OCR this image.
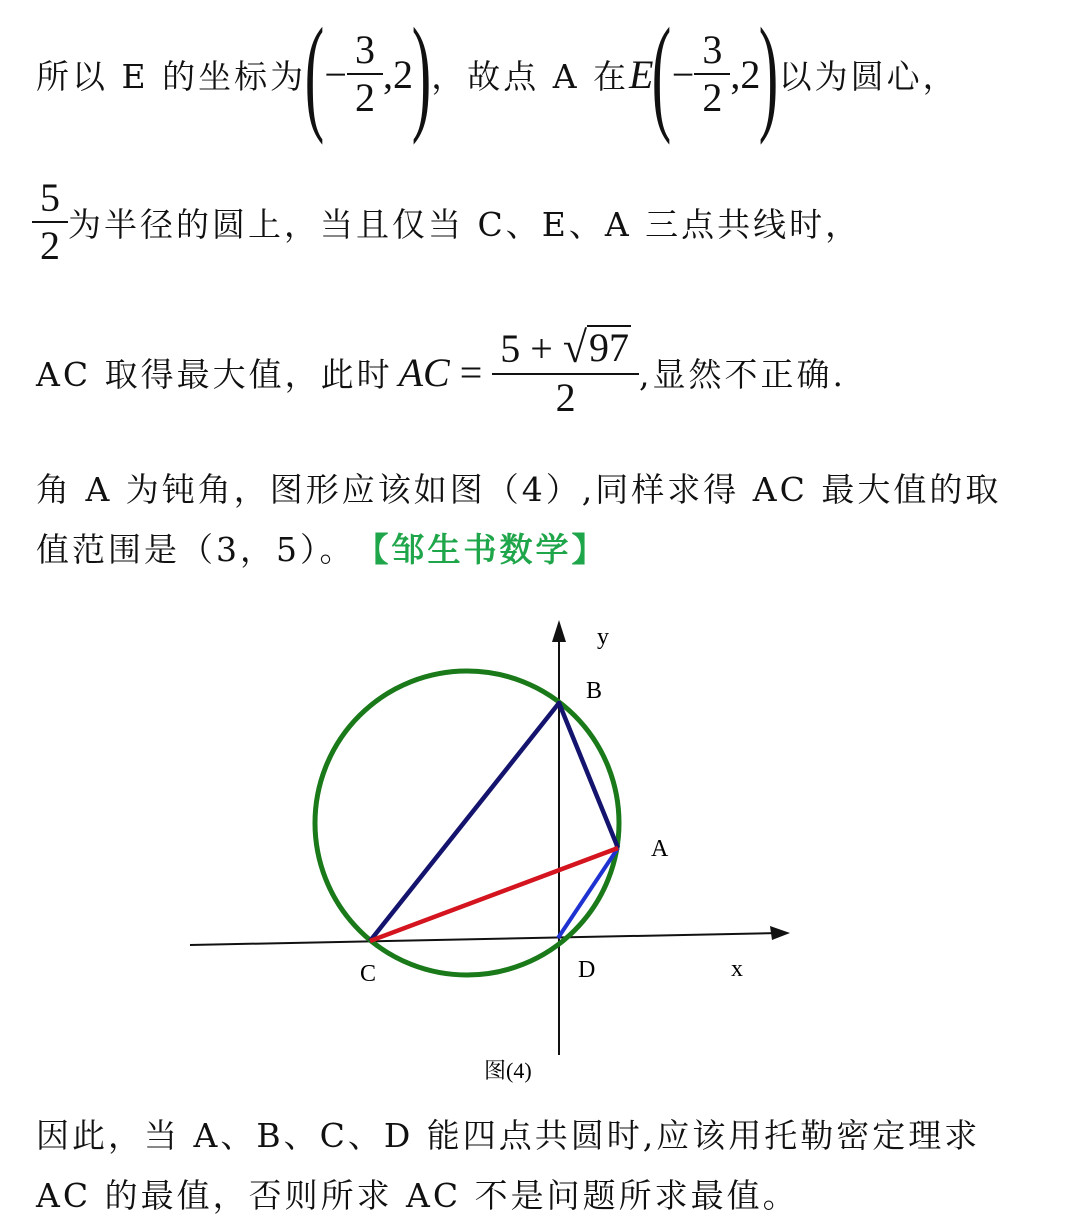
所以 E 的坐标为
(
− $\frac{3}{2} ,2$
)
，故点 A 在 E
(
− $\frac{3}{2} ,2$
)
以为圆心，
$\frac{5}{2}$ 为半径的圆上，当且仅当 C、E、A 三点共线时，
AC 取得最大值，此时 AC = $\frac{5 + √ 97}{2}$ ,显然不正确.
角 A 为钝角，图形应该如图（4）,同样求得 AC 最大值的取
值范围是（3，5）。 【邹生书数学】
y
B
A
C	D	x
图(4)
因此，当 A、B、C、D 能四点共圆时,应该用托勒密定理求
AC 的最值，否则所求 AC 不是问题所求最值。
